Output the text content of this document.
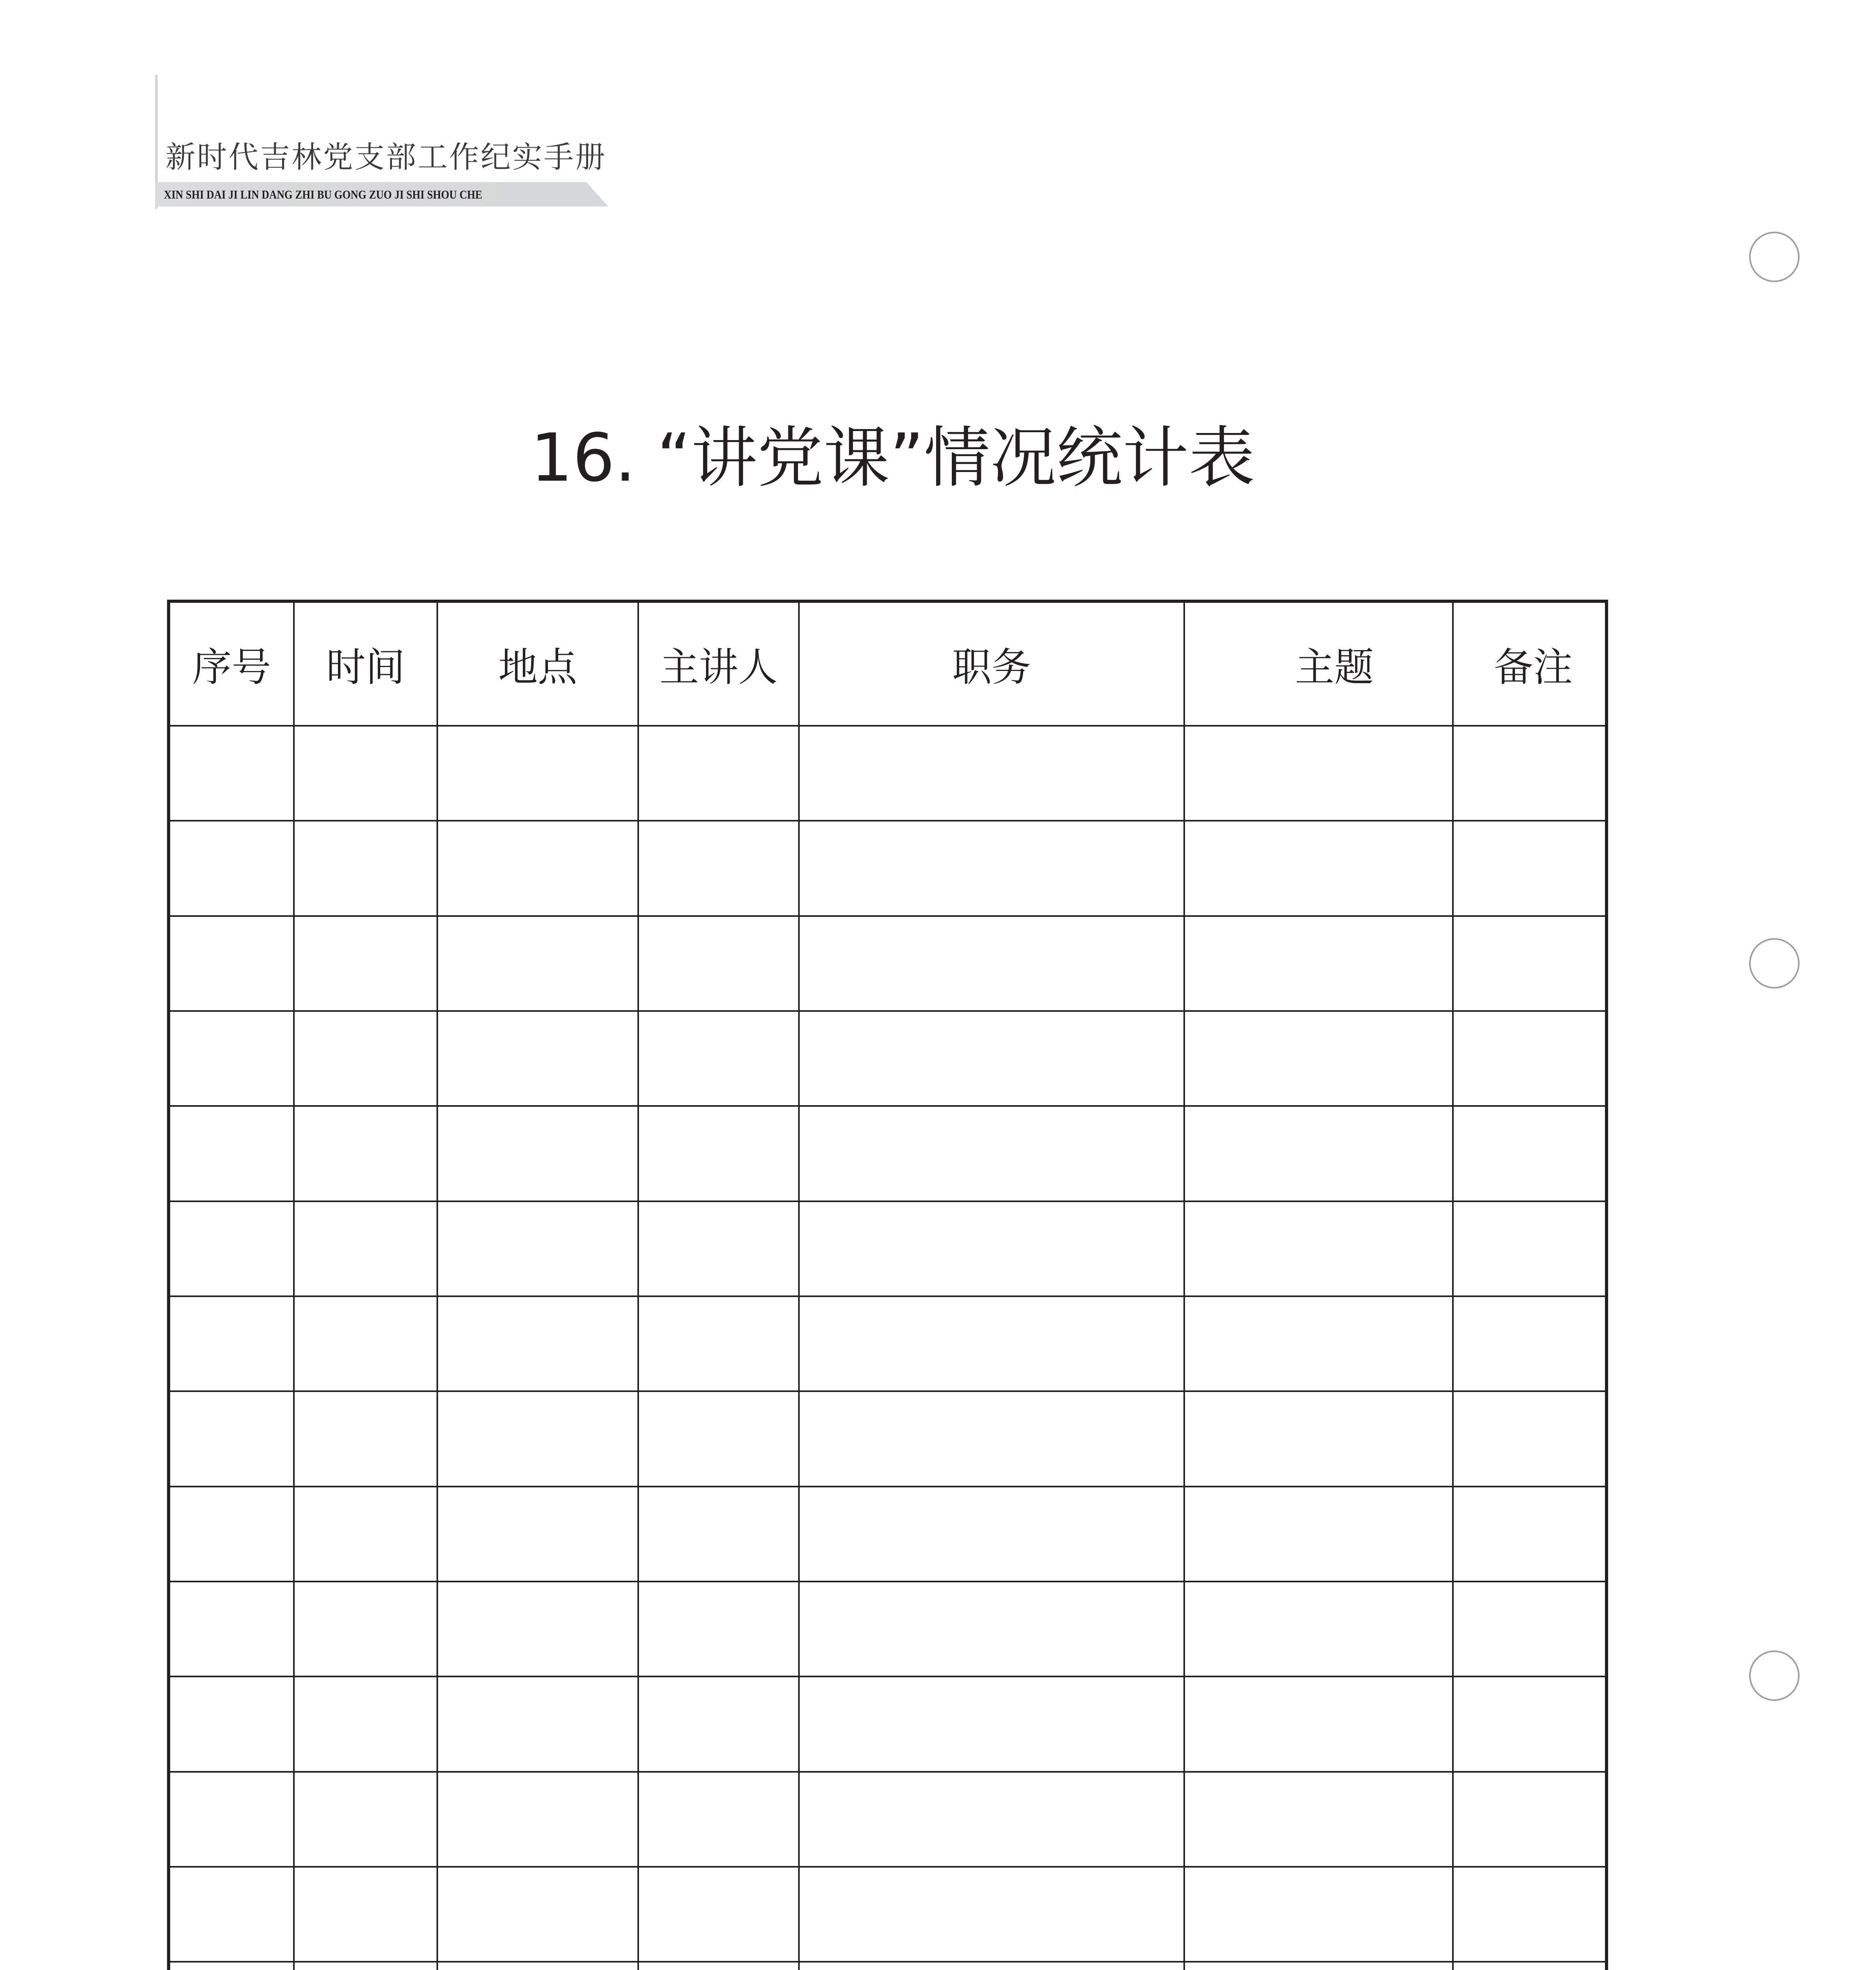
新时代吉林党支部工作纪实手册
XIN SHI DAI JI LIN DANG ZHI BU GONG ZUO JI SHI SHOU CHE
16. “讲党课”情况统计表
序号	时间	地点	主讲人	职务	主题	备注
